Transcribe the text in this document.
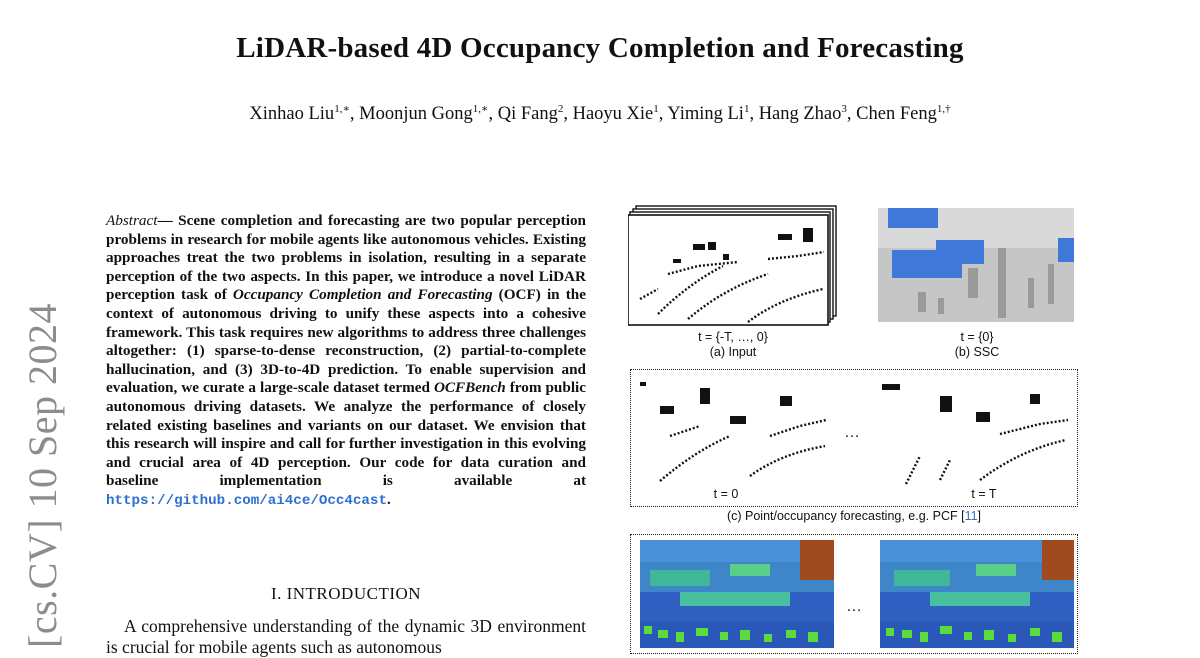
LiDAR-based 4D Occupancy Completion and Forecasting
Xinhao Liu$^{1,∗}$, Moonjun Gong$^{1,∗}$, Qi Fang$^2$, Haoyu Xie$^1$, Yiming Li$^1$, Hang Zhao$^3$, Chen Feng$^{1,\dagger}$
[cs.CV] 10 Sep 2024
Abstract— Scene completion and forecasting are two popular perception problems in research for mobile agents like autonomous vehicles. Existing approaches treat the two problems in isolation, resulting in a separate perception of the two aspects. In this paper, we introduce a novel LiDAR perception task of Occupancy Completion and Forecasting (OCF) in the context of autonomous driving to unify these aspects into a cohesive framework. This task requires new algorithms to address three challenges altogether: (1) sparse-to-dense reconstruction, (2) partial-to-complete hallucination, and (3) 3D-to-4D prediction. To enable supervision and evaluation, we curate a large-scale dataset termed OCFBench from public autonomous driving datasets. We analyze the performance of closely related existing baselines and variants on our dataset. We envision that this research will inspire and call for further investigation in this evolving and crucial area of 4D perception. Our code for data curation and baseline implementation is available at https://github.com/ai4ce/Occ4cast.
I. INTRODUCTION
A comprehensive understanding of the dynamic 3D environment is crucial for mobile agents such as autonomous
t = {-T, …, 0}
(a) Input
t = {0}
(b) SSC
…
t = 0	t = T
(c) Point/occupancy forecasting, e.g. PCF [11]
…
